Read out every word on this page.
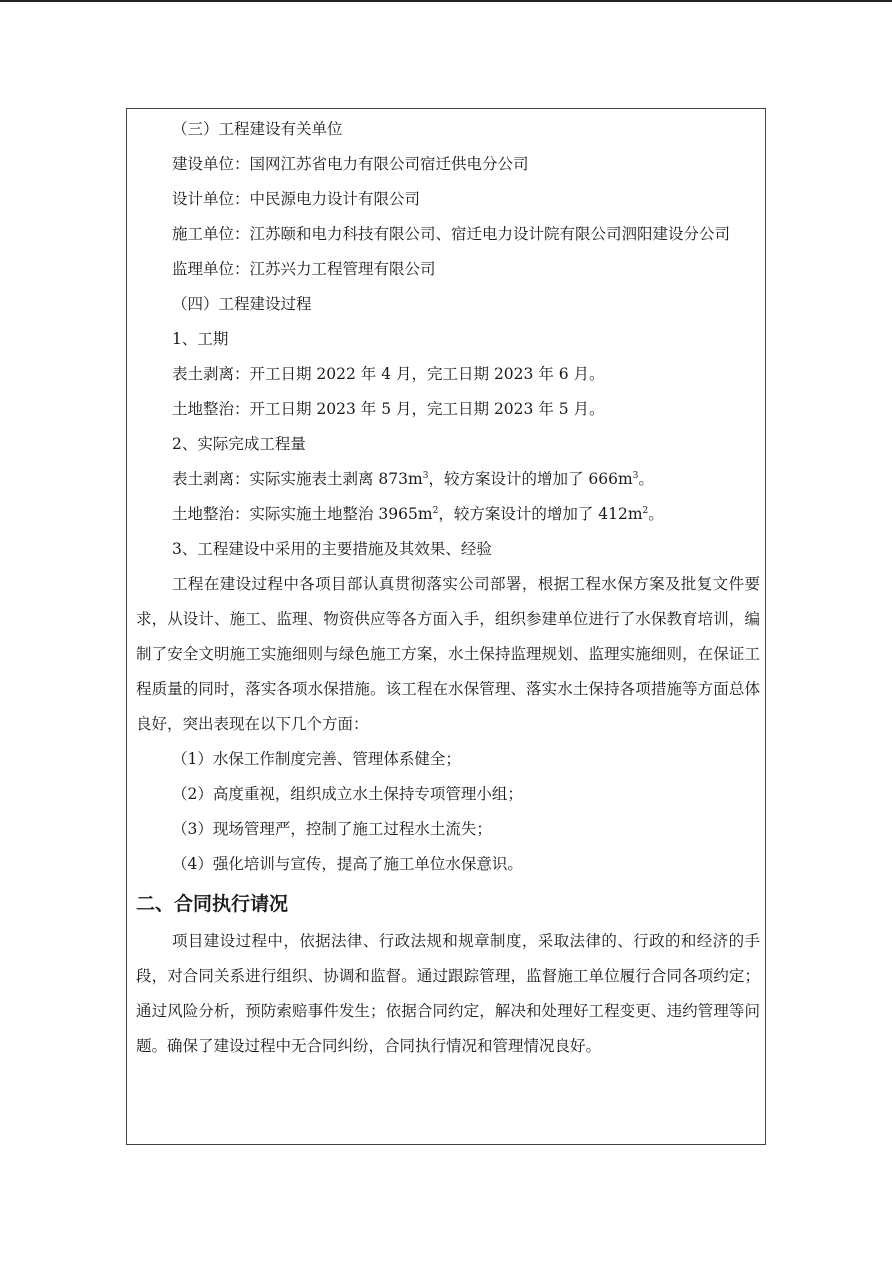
（三）工程建设有关单位

建设单位：国网江苏省电力有限公司宿迁供电分公司

设计单位：中民源电力设计有限公司

施工单位：江苏颐和电力科技有限公司、宿迁电力设计院有限公司泗阳建设分公司

监理单位：江苏兴力工程管理有限公司

（四）工程建设过程

1、工期

表土剥离：开工日期 2022 年 4 月，完工日期 2023 年 6 月。

土地整治：开工日期 2023 年 5 月，完工日期 2023 年 5 月。

2、实际完成工程量

表土剥离：实际实施表土剥离 $873m^3$，较方案设计的增加了 $666m^3$。

土地整治：实际实施土地整治 $3965m^2$，较方案设计的增加了 $412m^2$。

3、工程建设中采用的主要措施及其效果、经验

工程在建设过程中各项目部认真贯彻落实公司部署，根据工程水保方案及批复文件要求，从设计、施工、监理、物资供应等各方面入手，组织参建单位进行了水保教育培训，编制了安全文明施工实施细则与绿色施工方案，水土保持监理规划、监理实施细则，在保证工程质量的同时，落实各项水保措施。该工程在水保管理、落实水土保持各项措施等方面总体良好，突出表现在以下几个方面：

（1）水保工作制度完善、管理体系健全；

（2）高度重视，组织成立水土保持专项管理小组；

（3）现场管理严，控制了施工过程水土流失；

（4）强化培训与宣传，提高了施工单位水保意识。

二、合同执行请况

项目建设过程中，依据法律、行政法规和规章制度，采取法律的、行政的和经济的手段，对合同关系进行组织、协调和监督。通过跟踪管理，监督施工单位履行合同各项约定；通过风险分析，预防索赔事件发生；依据合同约定，解决和处理好工程变更、违约管理等问题。确保了建设过程中无合同纠纷，合同执行情况和管理情况良好。
